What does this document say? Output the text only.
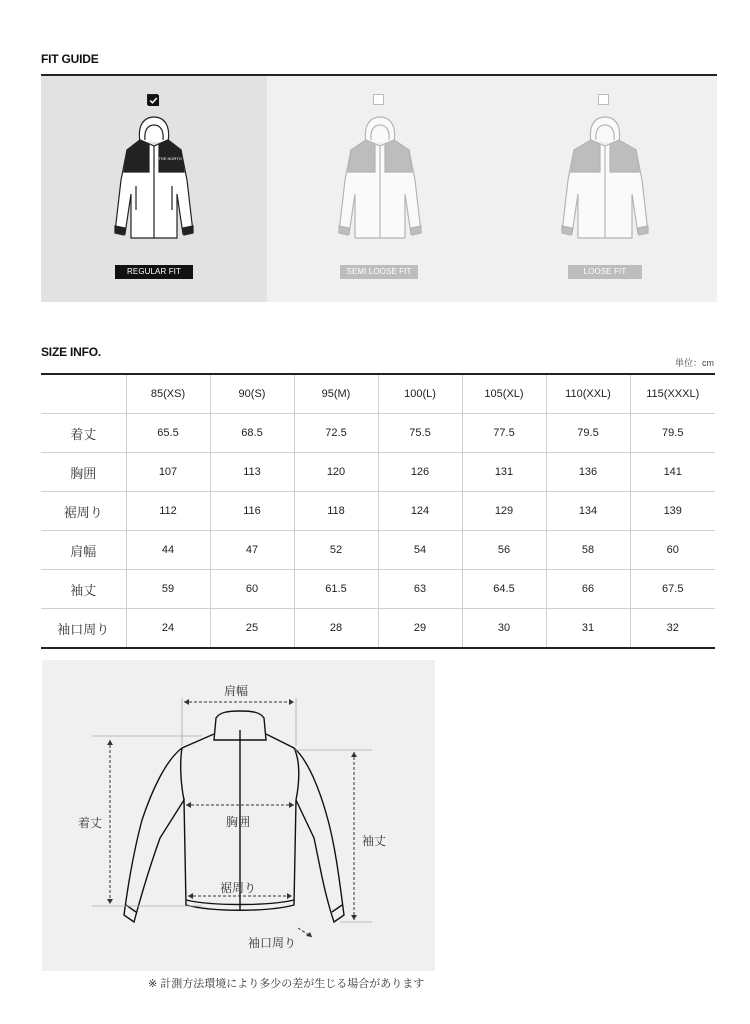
FIT GUIDE
THE NORTH
REGULAR FIT	SEMI LOOSE FIT	LOOSE FIT
SIZE INFO.
単位：cm
	85(XS)	90(S)	95(M)	100(L)	105(XL)	110(XXL)	115(XXXL)
着丈	65.5	68.5	72.5	75.5	77.5	79.5	79.5
胸囲	107	113	120	126	131	136	141
裾周り	112	116	118	124	129	134	139
肩幅	44	47	52	54	56	58	60
袖丈	59	60	61.5	63	64.5	66	67.5
袖口周り	24	25	28	29	30	31	32
肩幅
着丈	胸囲
袖丈
裾周り
袖口周り
※ 計測方法環境により多少の差が生じる場合があります
